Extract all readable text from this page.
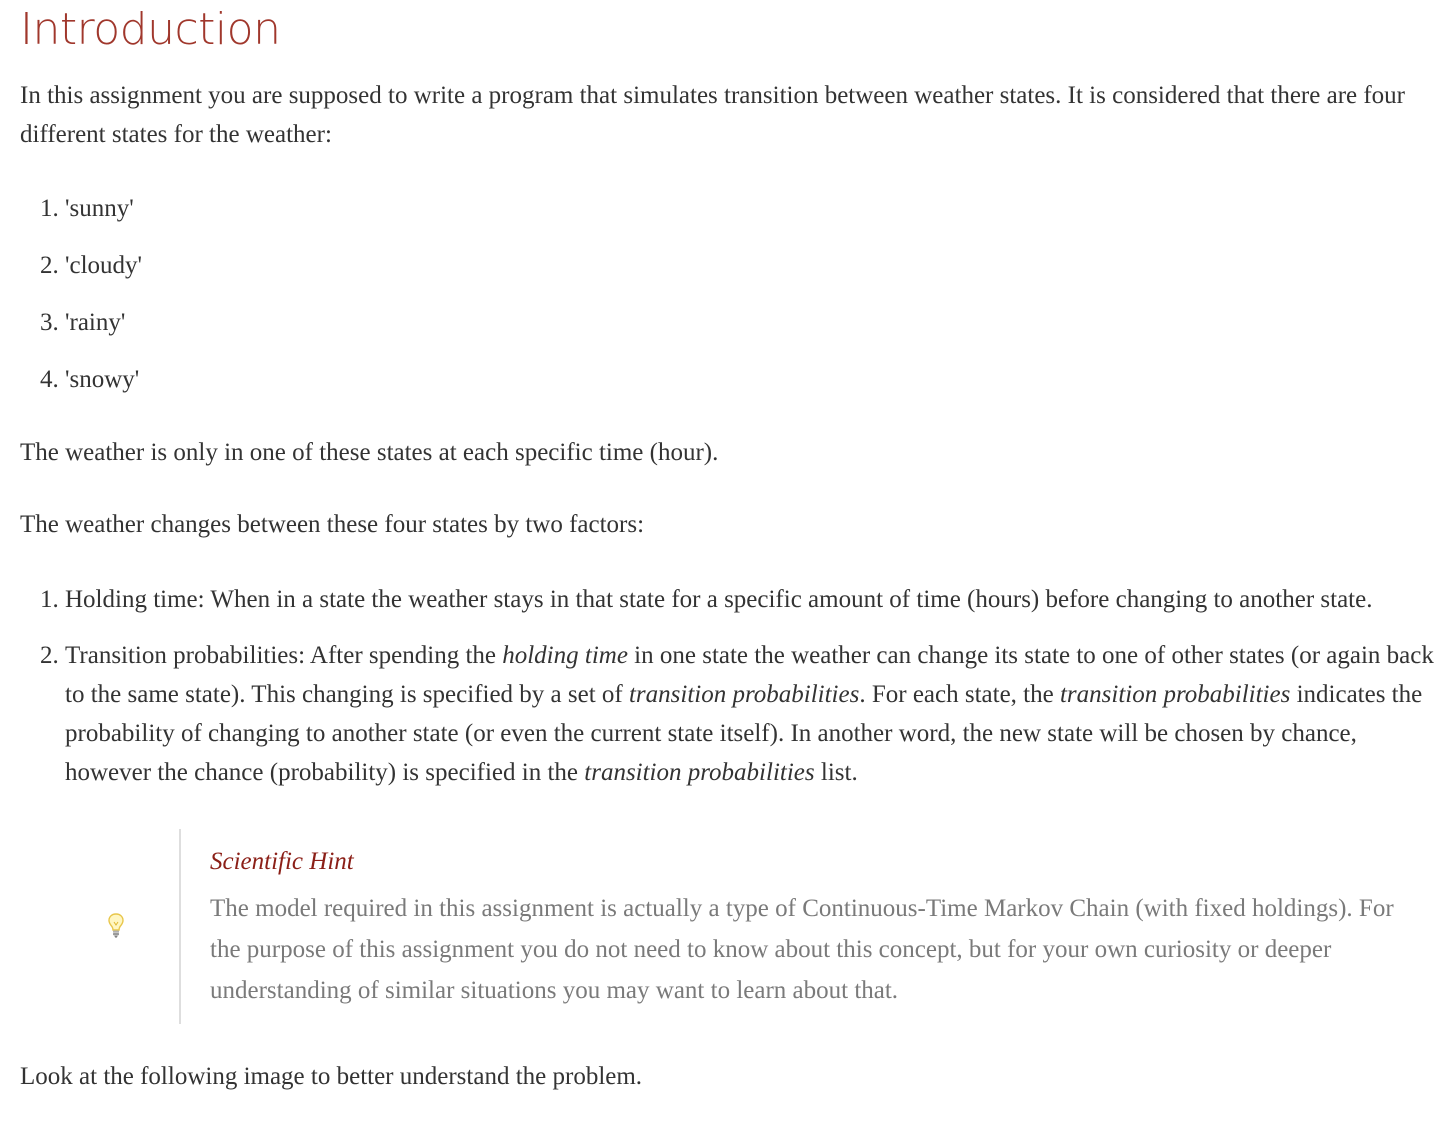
Introduction

In this assignment you are supposed to write a program that simulates transition between weather states. It is considered that there are four different states for the weather:

1. 'sunny'
2. 'cloudy'
3. 'rainy'
4. 'snowy'

The weather is only in one of these states at each specific time (hour).

The weather changes between these four states by two factors:

1. Holding time: When in a state the weather stays in that state for a specific amount of time (hours) before changing to another state.
2. Transition probabilities: After spending the holding time in one state the weather can change its state to one of other states (or again back to the same state). This changing is specified by a set of transition probabilities. For each state, the transition probabilities indicates the probability of changing to another state (or even the current state itself). In another word, the new state will be chosen by chance, however the chance (probability) is specified in the transition probabilities list.
Scientific Hint
The model required in this assignment is actually a type of Continuous-Time Markov Chain (with fixed holdings). For the purpose of this assignment you do not need to know about this concept, but for your own curiosity or deeper understanding of similar situations you may want to learn about that.

Look at the following image to better understand the problem.
